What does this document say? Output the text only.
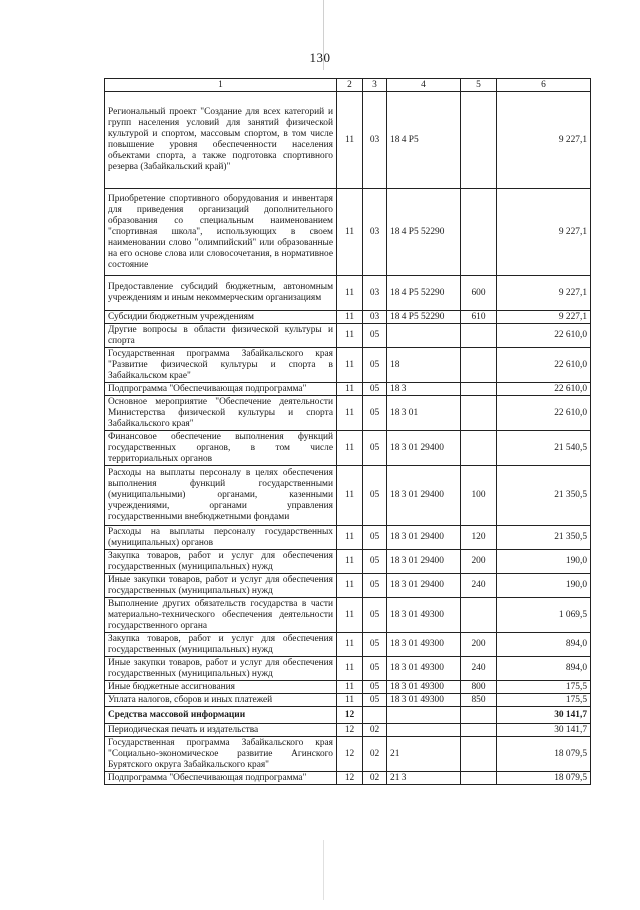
130
1	2	3	4	5	6
Региональный проект "Создание для всех категорий и групп населения условий для занятий физической культурой и спортом, массовым спортом, в том числе повышение уровня обеспеченности населения объектами спорта, а также подготовка спортивного резерва (Забайкальский край)"	11	03	18 4 P5		9 227,1
Приобретение спортивного оборудования и инвентаря для приведения организаций дополнительного образования со специальным наименованием "спортивная школа", использующих в своем наименовании слово "олимпийский" или образованные на его основе слова или словосочетания, в нормативное состояние	11	03	18 4 P5 52290		9 227,1
Предоставление субсидий бюджетным, автономным учреждениям и иным некоммерческим организациям	11	03	18 4 P5 52290	600	9 227,1
Субсидии бюджетным учреждениям	11	03	18 4 P5 52290	610	9 227,1
Другие вопросы в области физической культуры и спорта	11	05			22 610,0
Государственная программа Забайкальского края "Развитие физической культуры и спорта в Забайкальском крае"	11	05	18		22 610,0
Подпрограмма "Обеспечивающая подпрограмма"	11	05	18 3		22 610,0
Основное мероприятие "Обеспечение деятельности Министерства физической культуры и спорта Забайкальского края"	11	05	18 3 01		22 610,0
Финансовое обеспечение выполнения функций государственных органов, в том числе территориальных органов	11	05	18 3 01 29400		21 540,5
Расходы на выплаты персоналу в целях обеспечения выполнения функций государственными (муниципальными) органами, казенными учреждениями, органами управления государственными внебюджетными фондами	11	05	18 3 01 29400	100	21 350,5
Расходы на выплаты персоналу государственных (муниципальных) органов	11	05	18 3 01 29400	120	21 350,5
Закупка товаров, работ и услуг для обеспечения государственных (муниципальных) нужд	11	05	18 3 01 29400	200	190,0
Иные закупки товаров, работ и услуг для обеспечения государственных (муниципальных) нужд	11	05	18 3 01 29400	240	190,0
Выполнение других обязательств государства в части материально-технического обеспечения деятельности государственного органа	11	05	18 3 01 49300		1 069,5
Закупка товаров, работ и услуг для обеспечения государственных (муниципальных) нужд	11	05	18 3 01 49300	200	894,0
Иные закупки товаров, работ и услуг для обеспечения государственных (муниципальных) нужд	11	05	18 3 01 49300	240	894,0
Иные бюджетные ассигнования	11	05	18 3 01 49300	800	175,5
Уплата налогов, сборов и иных платежей	11	05	18 3 01 49300	850	175,5
Средства массовой информации	12				30 141,7
Периодическая печать и издательства	12	02			30 141,7
Государственная программа Забайкальского края "Социально-экономическое развитие Агинского Бурятского округа Забайкальского края"	12	02	21		18 079,5
Подпрограмма "Обеспечивающая подпрограмма"	12	02	21 3		18 079,5
